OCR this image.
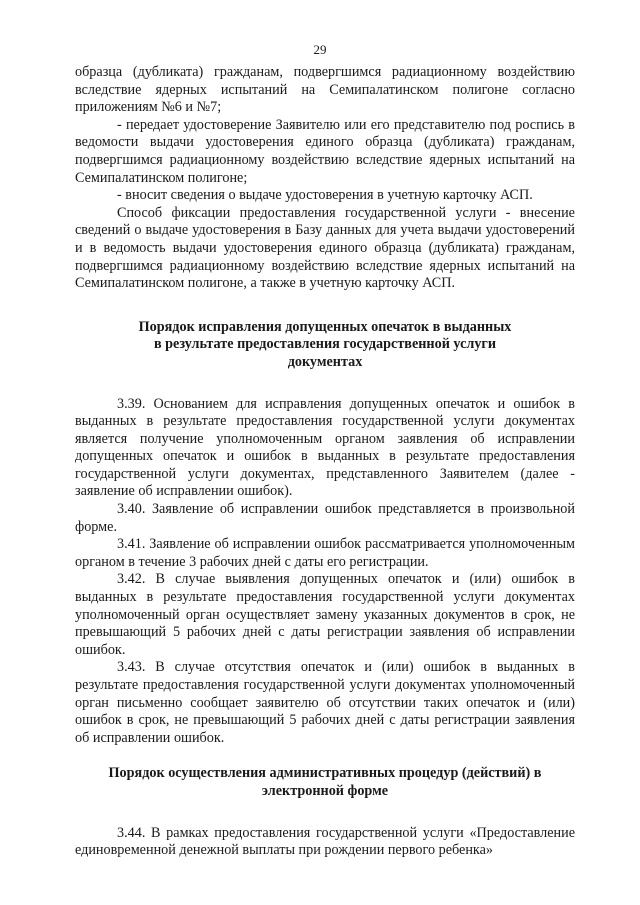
29

образца (дубликата) гражданам, подвергшимся радиационному воздействию вследствие ядерных испытаний на Семипалатинском полигоне согласно приложениям №6 и №7;

- передает удостоверение Заявителю или его представителю под роспись в ведомости выдачи удостоверения единого образца (дубликата) гражданам, подвергшимся радиационному воздействию вследствие ядерных испытаний на Семипалатинском полигоне;

- вносит сведения о выдаче удостоверения в учетную карточку АСП.

Способ фиксации предоставления государственной услуги - внесение сведений о выдаче удостоверения в Базу данных для учета выдачи удостоверений и в ведомость выдачи удостоверения единого образца (дубликата) гражданам, подвергшимся радиационному воздействию вследствие ядерных испытаний на Семипалатинском полигоне, а также в учетную карточку АСП.

Порядок исправления допущенных опечаток в выданных
в результате предоставления государственной услуги
документах

3.39. Основанием для исправления допущенных опечаток и ошибок в выданных в результате предоставления государственной услуги документах является получение уполномоченным органом заявления об исправлении допущенных опечаток и ошибок в выданных в результате предоставления государственной услуги документах, представленного Заявителем (далее - заявление об исправлении ошибок).

3.40. Заявление об исправлении ошибок представляется в произвольной форме.

3.41. Заявление об исправлении ошибок рассматривается уполномоченным органом в течение 3 рабочих дней с даты его регистрации.

3.42. В случае выявления допущенных опечаток и (или) ошибок в выданных в результате предоставления государственной услуги документах уполномоченный орган осуществляет замену указанных документов в срок, не превышающий 5 рабочих дней с даты регистрации заявления об исправлении ошибок.

3.43. В случае отсутствия опечаток и (или) ошибок в выданных в результате предоставления государственной услуги документах уполномоченный орган письменно сообщает заявителю об отсутствии таких опечаток и (или) ошибок в срок, не превышающий 5 рабочих дней с даты регистрации заявления об исправлении ошибок.

Порядок осуществления административных процедур (действий) в
электронной форме

3.44. В рамках предоставления государственной услуги «Предоставление единовременной денежной выплаты при рождении первого ребенка»
